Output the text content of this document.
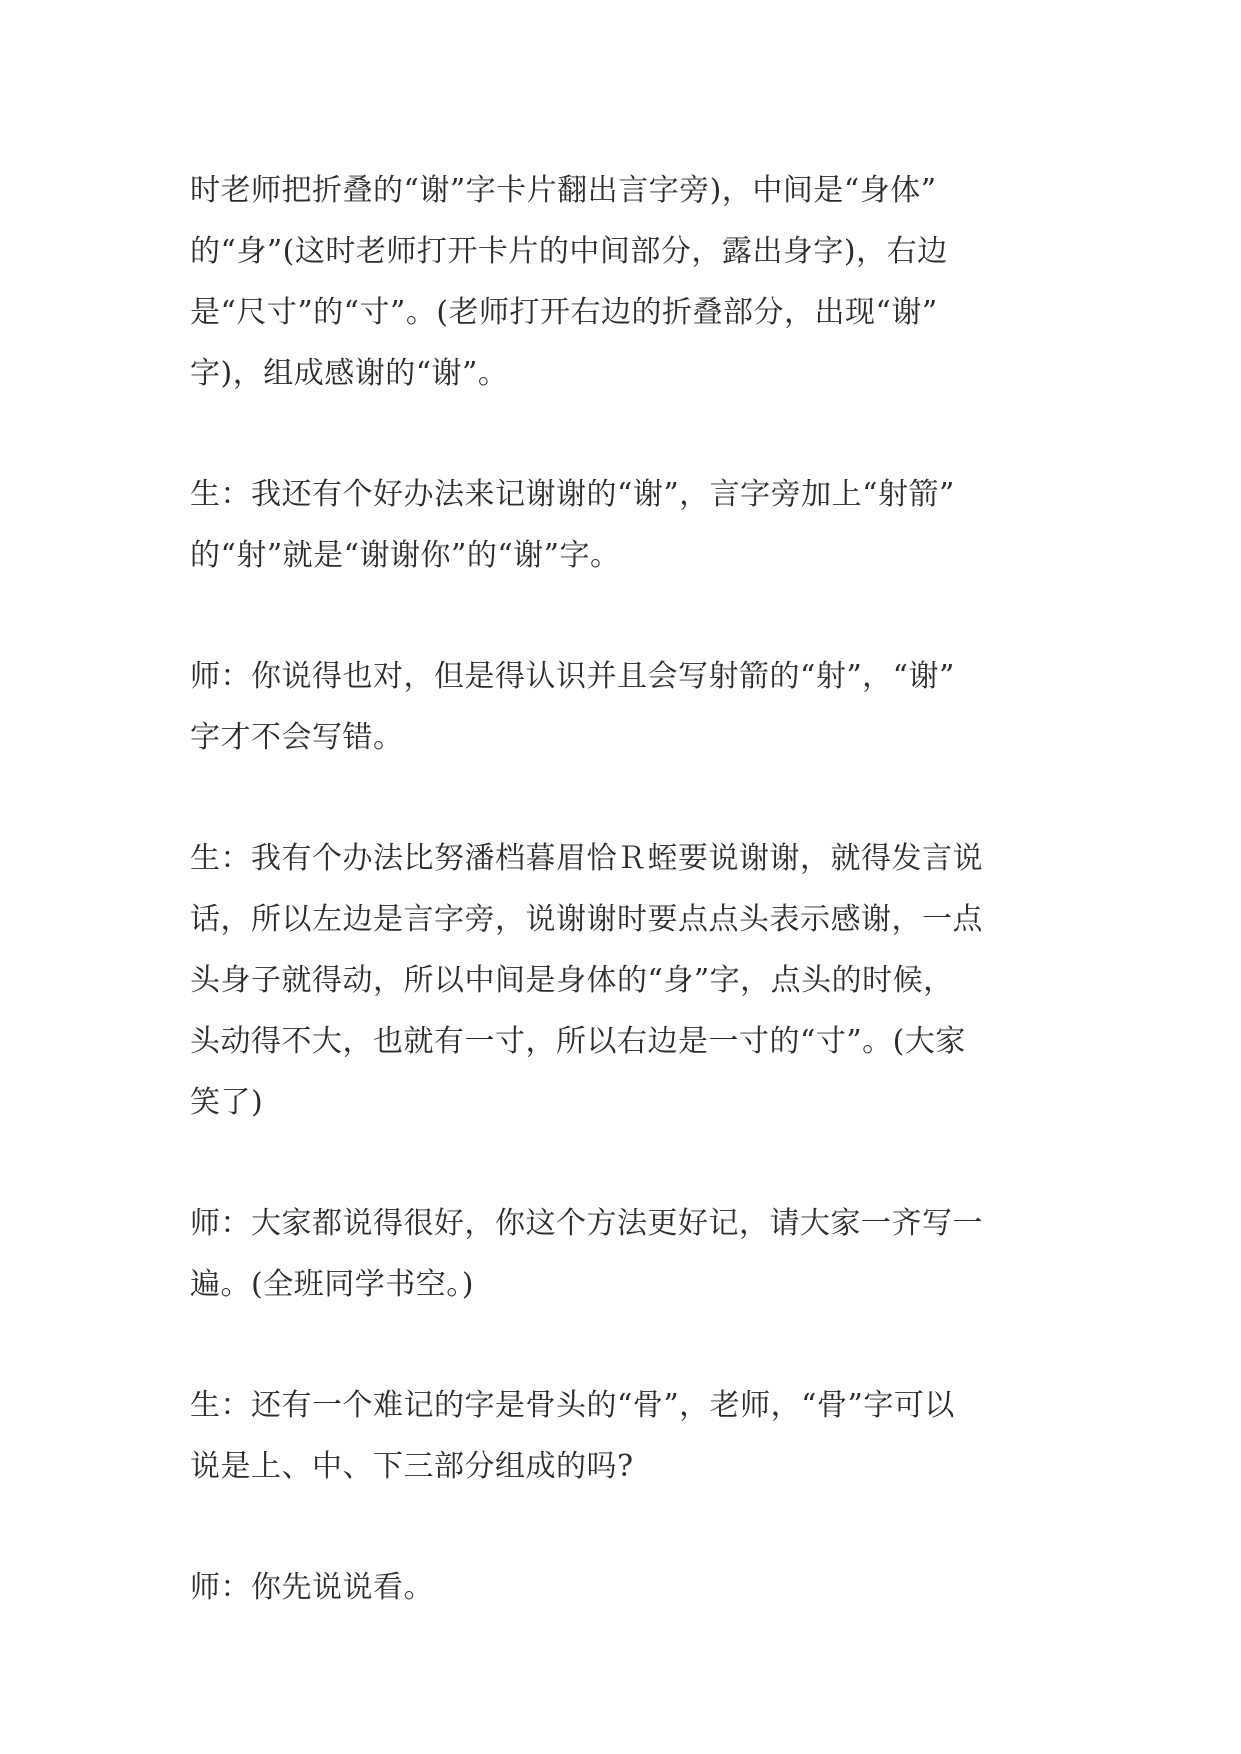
时老师把折叠的“谢”字卡片翻出言字旁)，中间是“身体”
的“身”(这时老师打开卡片的中间部分，露出身字)，右边
是“尺寸”的“寸”。(老师打开右边的折叠部分，出现“谢”
字)，组成感谢的“谢”。
生：我还有个好办法来记谢谢的“谢”，言字旁加上“射箭”
的“射”就是“谢谢你”的“谢”字。
师：你说得也对，但是得认识并且会写射箭的“射”，“谢”
字才不会写错。
生：我有个办法比努潘档暮眉恰Ｒ蛭要说谢谢，就得发言说
话，所以左边是言字旁，说谢谢时要点点头表示感谢，一点
头身子就得动，所以中间是身体的“身”字，点头的时候，
头动得不大，也就有一寸，所以右边是一寸的“寸”。(大家
笑了)
师：大家都说得很好，你这个方法更好记，请大家一齐写一
遍。(全班同学书空。)
生：还有一个难记的字是骨头的“骨”，老师，“骨”字可以
说是上、中、下三部分组成的吗?
师：你先说说看。
